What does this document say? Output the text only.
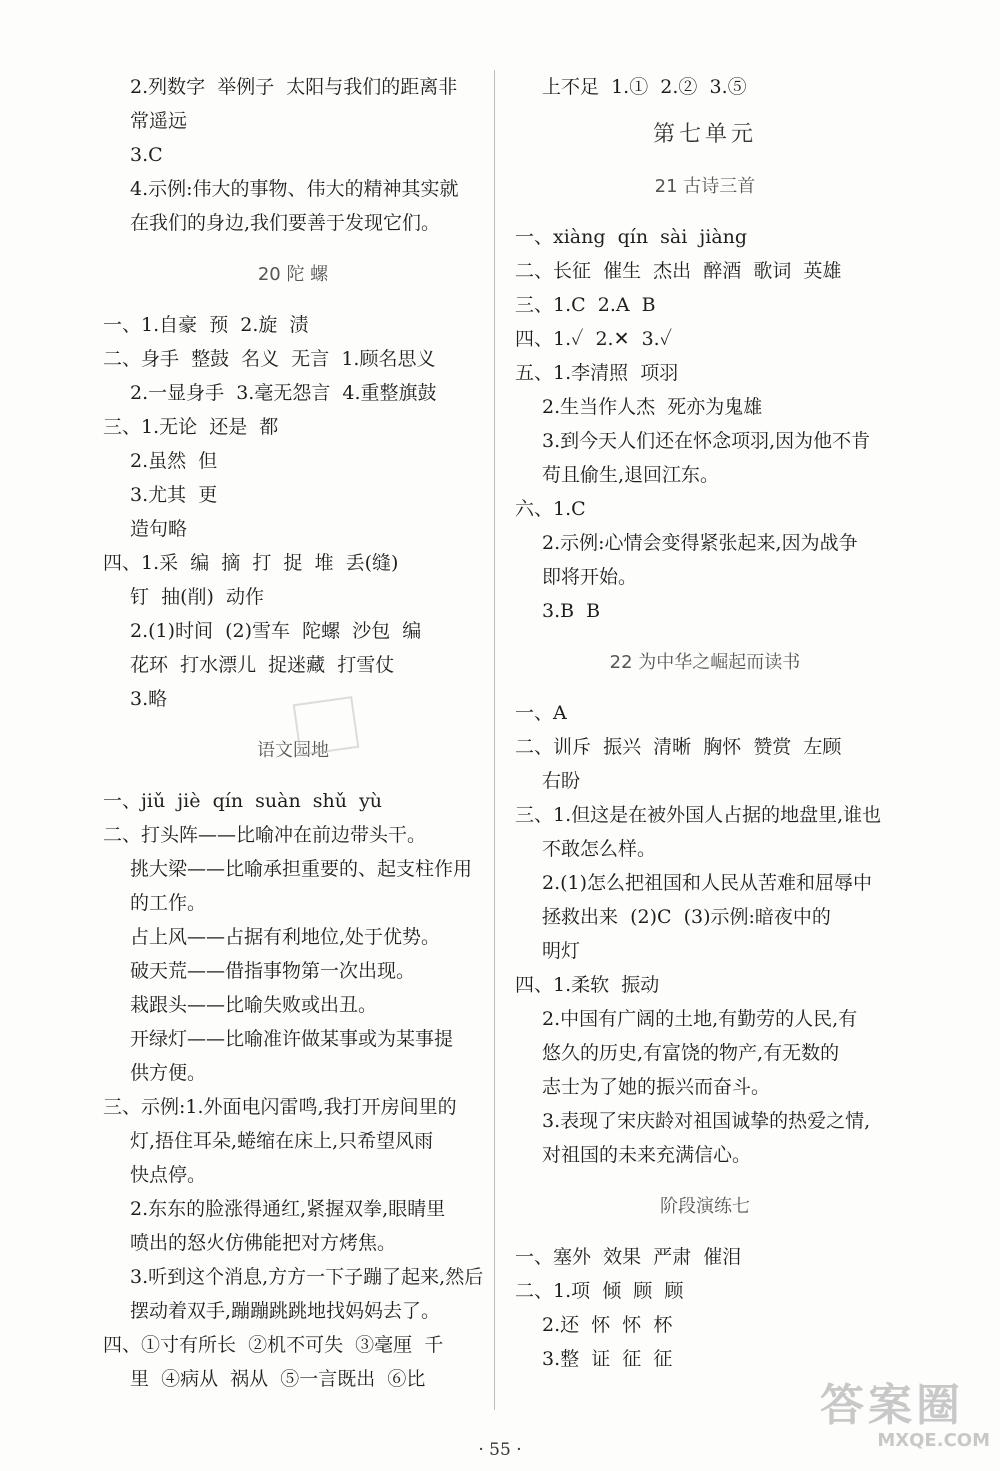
2.列数字  举例子  太阳与我们的距离非
常遥远
3.C
4.示例:伟大的事物、伟大的精神其实就
在我们的身边,我们要善于发现它们。
20 陀 螺
一、1.自豪  预  2.旋  渍
二、身手  整鼓  名义  无言  1.顾名思义
2.一显身手  3.毫无怨言  4.重整旗鼓
三、1.无论  还是  都
2.虽然  但
3.尤其  更
造句略
四、1.采  编  摘  打  捉  堆  丢(缝)
钉  抽(削)  动作
2.(1)时间  (2)雪车  陀螺  沙包  编
花环  打水漂儿  捉迷藏  打雪仗
3.略
语文园地
一、jiǔ  jiè  qín  suàn  shǔ  yù
二、打头阵——比喻冲在前边带头干。
挑大梁——比喻承担重要的、起支柱作用
的工作。
占上风——占据有利地位,处于优势。
破天荒——借指事物第一次出现。
栽跟头——比喻失败或出丑。
开绿灯——比喻准许做某事或为某事提
供方便。
三、示例:1.外面电闪雷鸣,我打开房间里的
灯,捂住耳朵,蜷缩在床上,只希望风雨
快点停。
2.东东的脸涨得通红,紧握双拳,眼睛里
喷出的怒火仿佛能把对方烤焦。
3.听到这个消息,方方一下子蹦了起来,然后
摆动着双手,蹦蹦跳跳地找妈妈去了。
四、①寸有所长  ②机不可失  ③毫厘  千
里  ④病从  祸从  ⑤一言既出  ⑥比
上不足  1.①  2.②  3.⑤
第七单元
21 古诗三首
一、xiàng  qín  sài  jiàng
二、长征  催生  杰出  醉酒  歌词  英雄
三、1.C  2.A  B
四、1.✓  2.✕  3.✓
五、1.李清照  项羽
2.生当作人杰  死亦为鬼雄
3.到今天人们还在怀念项羽,因为他不肯
苟且偷生,退回江东。
六、1.C
2.示例:心情会变得紧张起来,因为战争
即将开始。
3.B  B
22 为中华之崛起而读书
一、A
二、训斥  振兴  清晰  胸怀  赞赏  左顾
右盼
三、1.但这是在被外国人占据的地盘里,谁也
不敢怎么样。
2.(1)怎么把祖国和人民从苦难和屈辱中
拯救出来  (2)C  (3)示例:暗夜中的
明灯
四、1.柔软  振动
2.中国有广阔的土地,有勤劳的人民,有
悠久的历史,有富饶的物产,有无数的
志士为了她的振兴而奋斗。
3.表现了宋庆龄对祖国诚挚的热爱之情,
对祖国的未来充满信心。
阶段演练七
一、塞外  效果  严肃  催泪
二、1.项  倾  顾  顾
2.还  怀  怀  杯
3.整  证  征  征
· 55 ·
答案圈
MXQE.COM
